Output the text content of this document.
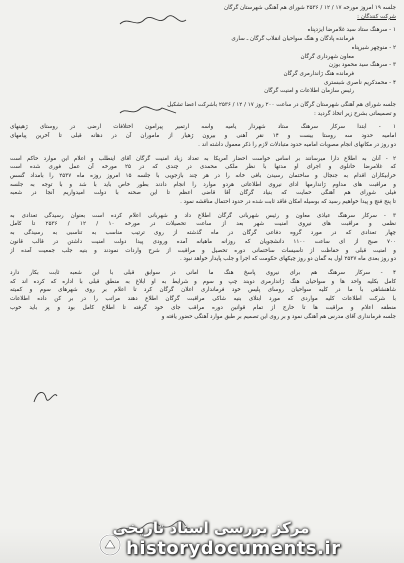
جلسه ۱۹ امروز مورخه ۱۷ / ۱۲ / ۲۵۳۶ شورای هم آهنگی شهرستان گرگان

شرکت کنندگان :

۱ - سرهنگ ستاد سید غلامرضا ایزدپناه

فرمانده پادگان و هنگ سواحیان انقلاب گرگان ـ ساری

۲ - منوچهر شیرپناه

معاون شهرداری گرگان

۳ - سرهنگ سید محمود بوزن

فرمانده هنگ ژاندارمری گرگان

۴ - محمدکریم ناصری شبستری

رئیس سازمان اطلاعات و امنیت گرگان

جلسه شورای هم آهنگی شهرستان گرگان در ساعت ۲۰۰ روز ۱۷ / ۱۲ / ۲۵۳۶ باشرکت اعضا تشکیل

و تصمیماتی بشرح زیر اتخاذ گردید :

۱ - ابتدا سرکار سرهنگ ستاد شهردار یامیه واسه ارتمیر پیرامون اختلافات ارضی در روستای ژهینهای

امامیه حدود سه روستا بیست و ۱۴ نقر آهنی و بیرون ژهیار از ماموران آن در دهانه قبلی تا آخرین پیامهای

دو روز در مکانهای انجام مصوبات امامیه حدود متبادلات لازم را ذکر معمول داشته اند .

۲ - آنان به اطلاع دارا میرسانند بر اساس خواست احضار آمریکا به تعداد زیاد امنیت گرگان آقای اینطلب و اعلام این موارد حاکم است

که غلامرضا خانلوی و اجرای او مدتها با نظر ملکی محمدی در چندی که در ۲۵ مورخه آن عمل فوری شده است

خرابیکاران اقدام به جنجال و ساختمان رسیدن بافی خانه را در هر چند بازجویی با جلسه ۱۵ امروز روزه ماه ۲۵۳۷ را بامداد گسس

و مراقبت های مداوم ژاندارمها ادای نیروی اطلاعاتی هردو موارد را انجام دادند بطور خاص باید با شد و با توجه به جلسه

فیلی شورای هم آهنگی حمایت که بنیاد گرگان آقا قاضی اعظم تا این صحنه با دولت امیدواریم آنجا در شعبه

تا پنج فنچ و پیدا خواهیم رسید که بوسیله امکان فاقد ثابت شده در حدود احتمال مناقشه نمود .

۳ - سرکار سرهنگ عیاذی معاون و رئیس شهربانی گرگان اطلاع داد و شهربانی اعلام کرده است بعنوان رسیدگی تعدادی به

نظمی و مراقبت های نیروی امنیت شهر بعد از ساعت تحصیلات در مورخه ۱۰ / ۱۲ / ۲۵۳۶ تا کامل

چهار تعدادی که در مورد گروه دفاعی گرگان در ماه گذشته از روی ترتیب مناسب به تناسبی به رسیدگی به

۷۰۰ صبح از ای ساعت ۱۱۰۰ دانشجویان که روزانه ماهیانه آمده ورودی پیدا دولت امنیت داشتن در قالب قانون

و امنیت قبلی و حفاظت از تأسیسات ساختمانی دوره تحصیل و مراقبت از شرح واردات نمودند و بنیه جلب جمعیت آمده از

دو روز بعدی ماه ۲۵۳۷ اول به گمان دو روز چیکهای حکومت که اجرا و جلب پایدار خواهد نبود .

۴ - سرکار سرهنگ هم برای نیروی پاسخ هنگ ما امانی در سوابق قبلی با این شعبه ثابت بکار دارد

کامل بکلیه واحد ها و سواحیان هنگ ژاندارمری دوبند چپ و سوم و شرایط به او ابلاغ به منطق قبلی با اداره که کرده اند که

شاهنشاهی با ما در کلیه سواحیان روسای پلیس خود فرمانداری اعلان گرگان کرد تا اعلام بر روی شهرهای سوم و کمیته

با شرکت اطلاعات کلیه مواردی که مورد ابتلای بنیه شاکی مراقبت گرگان اطلاع دهند مراتب را در بر کن داده اطلاعات

منطقه اعلام و مراقبت ها تا خارج از تمام قوانین دوره مراقب جای خود گرفته تا اطلاع کامل بود و پر باید خوب

جلسه فرمانداری آقای مدرس هم آهنگی نمود و بر روی این تصمیم بر طبق موارد آهنگی حضور یافته و

مرکز بررسی اسناد تاریخی
historydocuments.ir
